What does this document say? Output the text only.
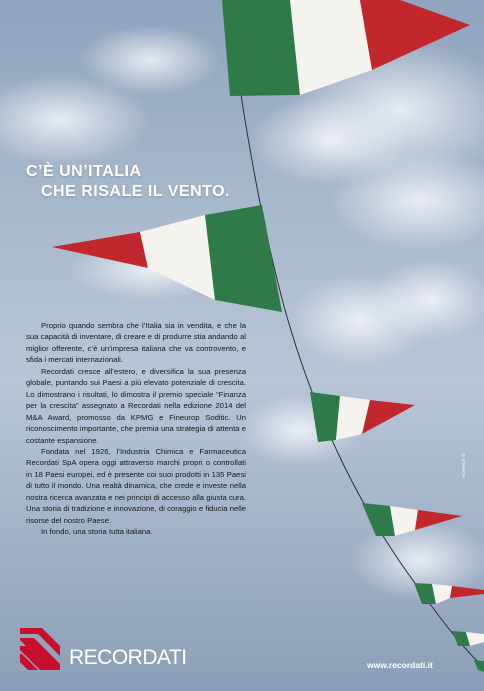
C’È UN’ITALIA
CHE RISALE IL VENTO.

Proprio quando sembra che l’Italia sia in vendita, e che la sua capacità di inventare, di creare e di produrre stia andando al miglior offerente, c’è un’impresa italiana che va controvento, e sfida i mercati internazionali.

Recordati cresce all’estero, e diversifica la sua presenza globale, puntando sui Paesi a più elevato potenziale di crescita. Lo dimostrano i risultati, lo dimostra il premio speciale “Finanza per la crescita” assegnato a Recordati nella edizione 2014 del M&A Award, promosso da KPMG e Fineurop Soditic. Un riconoscimento importante, che premia una strategia di attenta e costante espansione.

Fondata nel 1926, l’Industria Chimica e Farmaceutica Recordati SpA opera oggi attraverso marchi propri o controllati in 18 Paesi europei, ed è presente coi suoi prodotti in 135 Paesi di tutto il mondo. Una realtà dinamica, che crede e investe nella nostra ricerca avanzata e nei principi di accesso alla giusta cura. Una storia di tradizione e innovazione, di coraggio e fiducia nelle risorse del nostro Paese.

In fondo, una storia tutta italiana.

HOMAGE ©
RECORDATI	www.recordati.it
